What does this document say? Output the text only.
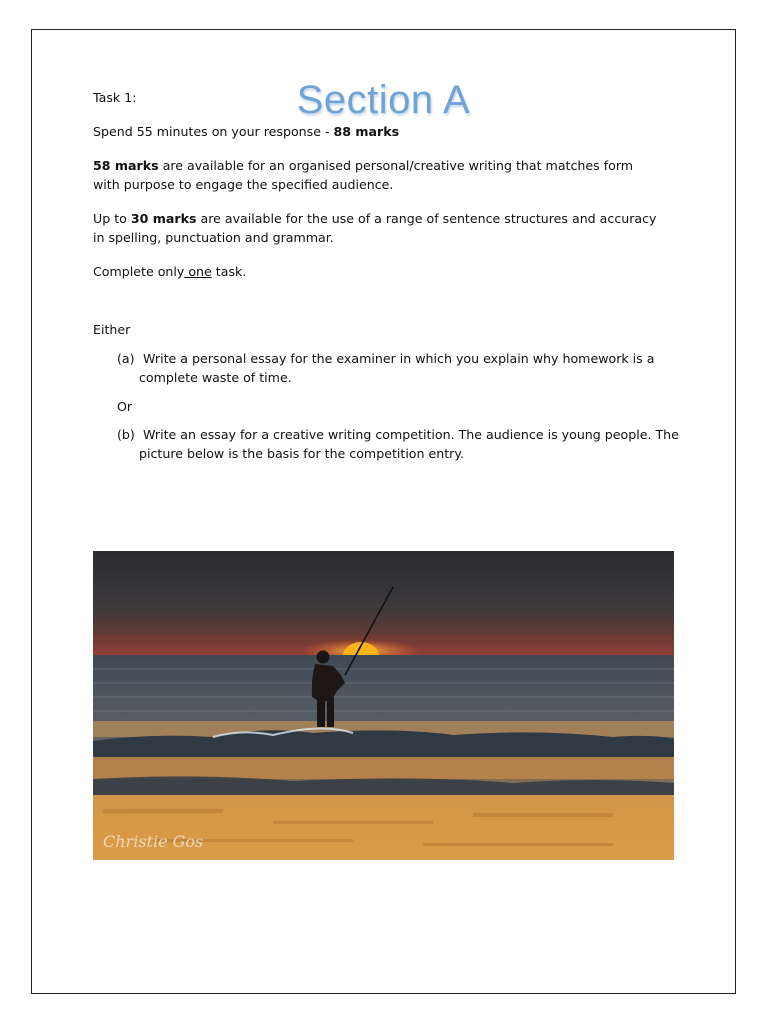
Section A

Task 1:

Spend 55 minutes on your response - 88 marks

58 marks are available for an organised personal/creative writing that matches form with purpose to engage the specified audience.

Up to 30 marks are available for the use of a range of sentence structures and accuracy in spelling, punctuation and grammar.

Complete only one task.

Either

(a) Write a personal essay for the examiner in which you explain why homework is a
complete waste of time.

Or

(b) Write an essay for a creative writing competition. The audience is young people. The
picture below is the basis for the competition entry.
Christie Gos
